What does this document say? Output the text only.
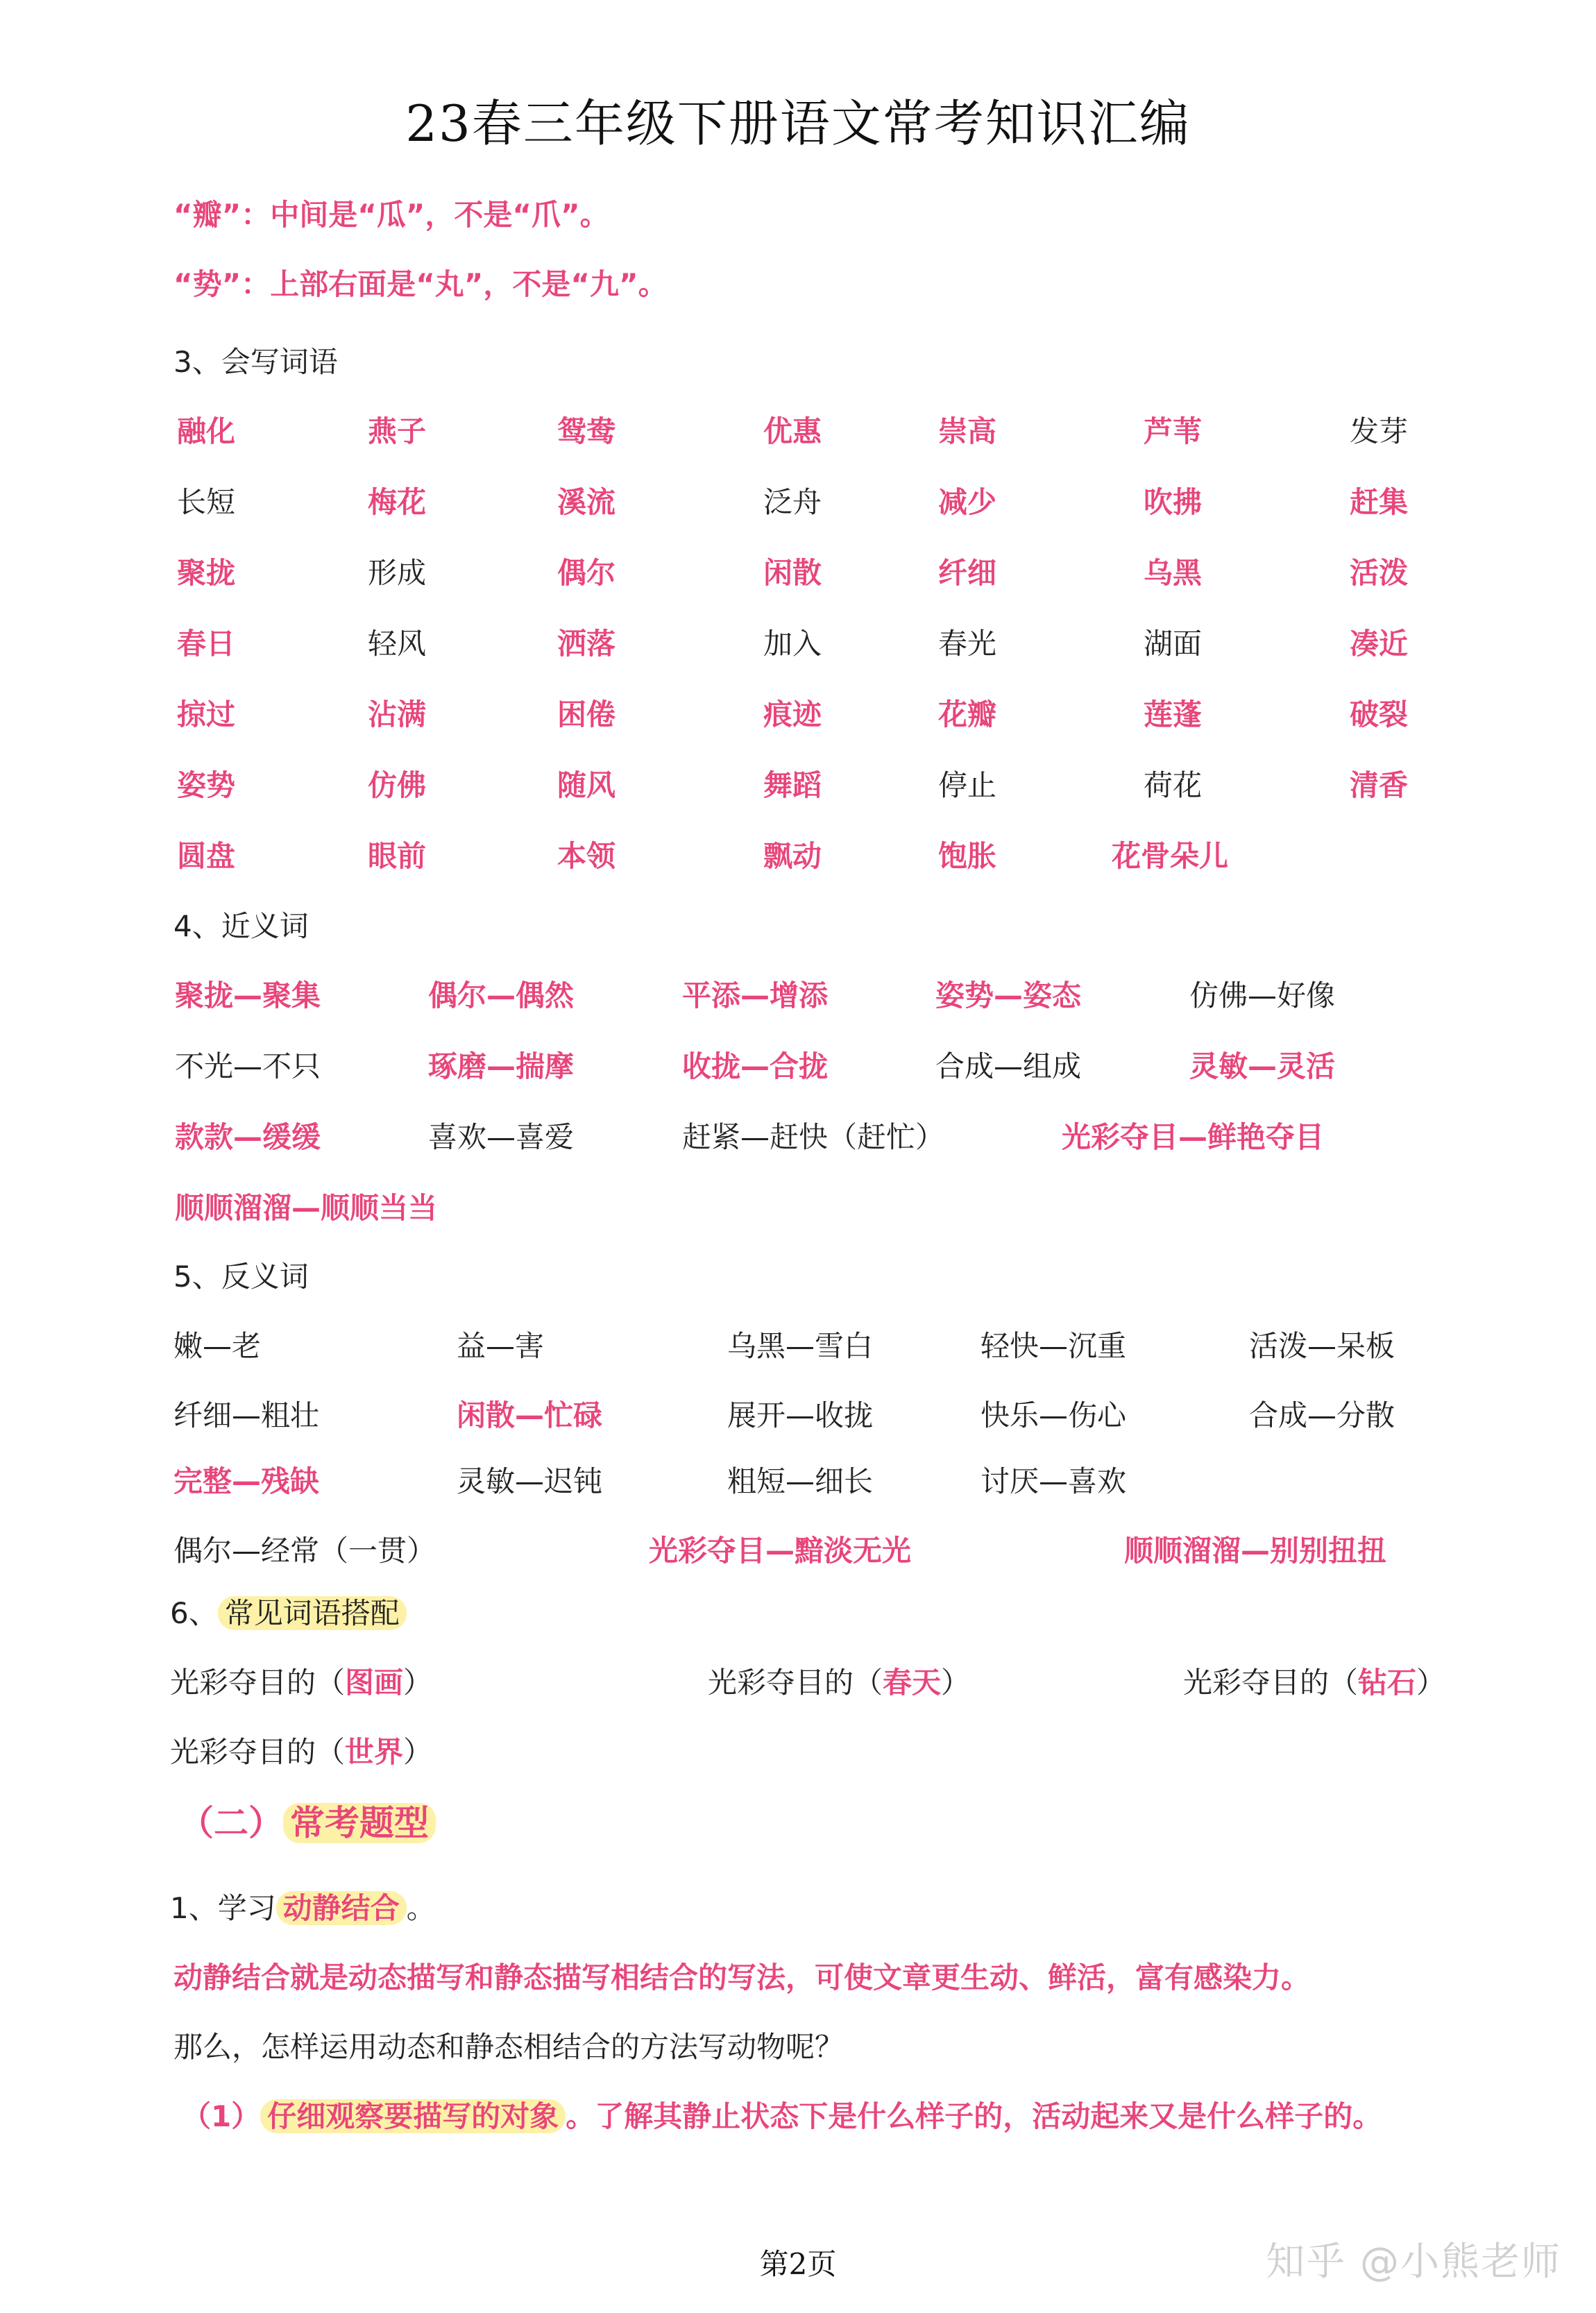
23春三年级下册语文常考知识汇编
“瓣”：中间是“瓜”，不是“爪”。
“势”：上部右面是“丸”，不是“九”。
3、会写词语
融化	燕子	鸳鸯	优惠	崇高	芦苇	发芽
长短	梅花	溪流	泛舟	减少	吹拂	赶集
聚拢	形成	偶尔	闲散	纤细	乌黑	活泼
春日	轻风	洒落	加入	春光	湖面	凑近
掠过	沾满	困倦	痕迹	花瓣	莲蓬	破裂
姿势	仿佛	随风	舞蹈	停止	荷花	清香
圆盘	眼前	本领	飘动	饱胀	花骨朵儿
4、近义词
聚拢—聚集	偶尔—偶然	平添—增添	姿势—姿态	仿佛—好像
不光—不只	琢磨—揣摩	收拢—合拢	合成—组成	灵敏—灵活
款款—缓缓	喜欢—喜爱	赶紧—赶快（赶忙）	光彩夺目—鲜艳夺目
顺顺溜溜—顺顺当当
5、反义词
嫩—老	益—害	乌黑—雪白	轻快—沉重	活泼—呆板
纤细—粗壮	闲散—忙碌	展开—收拢	快乐—伤心	合成—分散
完整—残缺	灵敏—迟钝	粗短—细长	讨厌—喜欢
偶尔—经常（一贯）	光彩夺目—黯淡无光	顺顺溜溜—别别扭扭
6、 常见词语搭配
光彩夺目的（图画）	光彩夺目的（春天）	光彩夺目的（钻石）
光彩夺目的（世界）
（二） 常考题型
1、学习 动静结合 。
动静结合就是动态描写和静态描写相结合的写法，可使文章更生动、鲜活，富有感染力。
那么，怎样运用动态和静态相结合的方法写动物呢？
（1） 仔细观察要描写的对象 。了解其静止状态下是什么样子的，活动起来又是什么样子的。
第2页	知乎 @小熊老师
